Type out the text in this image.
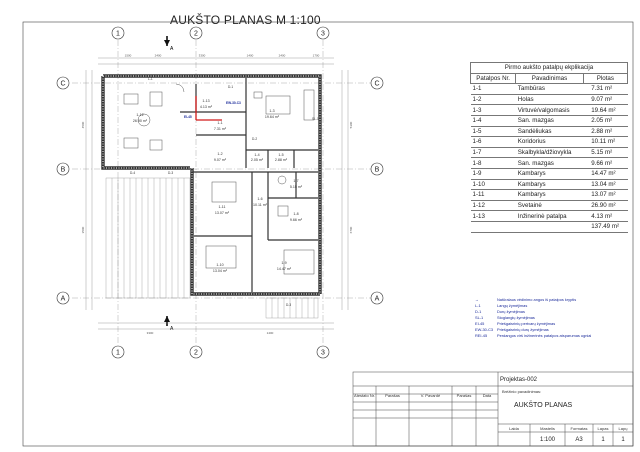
AUKŠTO PLANAS M 1:100
1	2	3
1	2	3
C	C
B	B
A	A
A
A
1500	2400	3300	1400	2400	1700
3300	1400
4500
3500
5300
6700
1-1
7.31 m²
1-2
9.07 m²
1-3
19.64 m²
1-4
2.05 m²
1-5
2.88 m²
1-6
10.11 m²
1-7
5.15 m²
1-8
9.66 m²
1-9
14.47 m²
1-10
13.04 m²
1-11
13.07 m²
1-12
26.90 m²
1-13
4.13 m²
L-1
D-1
D-2
D-3
D-4
SL-1
D-3
EW-30-C3
EI-45
Pirmo aukšto patalpų ekplikacija		
Patalpos Nr.	Pavadinimas	Plotas
1-1	Tambūras	7.31 m²
1-2	Holas	9.07 m²
1-3	Virtuvė/valgomasis	19.64 m²
1-4	San. mazgas	2.05 m²
1-5	Sandėliukas	2.88 m²
1-6	Koridorius	10.11 m²
1-7	Skalbykla/džiovykla	5.15 m²
1-8	San. mazgas	9.66 m²
1-9	Kambarys	14.47 m²
1-10	Kambarys	13.04 m²
1-11	Kambarys	13.07 m²
1-12	Svetainė	26.90 m²
1-13	Inžinerinė patalpa	4.13 m²
		137.49 m²
→	Natūralaus vėdinimo angos iš patalpos kryptis
L-1	Langų žymėjimas
D-1	Durų žymėjimas
SL-1	Stoglangių žymėjimas
EI-45	Priešgaisrinių pertvarų žymėjimas
EW-30-C3	Priešgaisrinių durų žymėjimas
REI-45	Perdangos virš inžinerinės patalpos atsparumas ugniai
Projektas-002
Atestato Nr.	Parašas	V. Pavardė	Parašas	Data
Brėžinio pavadinimas:
AUKŠTO PLANAS
Laida	Mastelis	Formatas	Lapas	Lapų
1:100	A3	1	1
